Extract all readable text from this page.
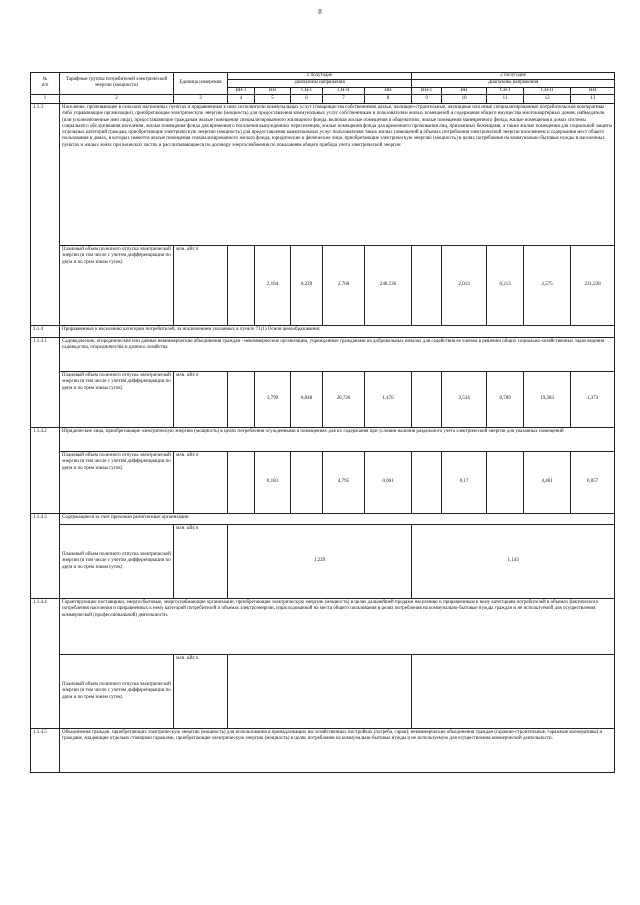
8
№
п/п	Тарифные группы потребителей электрической энергии (мощности)	Единица измерения	1 полугодие					2 полугодие				
			Диапазоны напряжения					Диапазоны напряжения				
			ВН-1	ВН	СН-I	СН-II	НН	ВН-1	ВН	СН-I	СН-II	НН
1	2	3	4	5	6	7	8	9	10	11	12	13
1.1.3	Население, проживающее в сельских населенных пунктах и приравненные к ним: исполнители коммунальных услуг (товарищества собственников жилья, жилищно-строительные, жилищные или иные специализированные потребительские кооперативы либо управляющие организации), приобретающие электрическую энергию (мощность) для предоставления коммунальных услуг собственникам и пользователям жилых помещений и содержания общего имущества многоквартирных домов; наймодатели (или уполномоченные ими лица), предоставляющие гражданам жилые помещения специализированного жилищного фонда, включая жилые помещения в общежитиях, жилые помещения маневренного фонда, жилые помещения в домах системы социального обслуживания населения, жилые помещения фонда для временного поселения вынужденных переселенцев, жилые помещения фонда для временного проживания лиц, признанных беженцами, а также жилые помещения для социальной защиты отдельных категорий граждан, приобретающие электрическую энергию (мощность) для предоставления коммунальных услуг пользователям таких жилых помещений в объемах потребления электрической энергии населением и содержания мест общего пользования в домах, в которых имеются жилые помещения специализированного жилого фонда; юридические и физические лица, приобретающие электрическую энергию (мощность) в целях потребления на коммунально-бытовые нужды в населенных пунктах и жилых зонах при воинских частях и рассчитывающиеся по договору энергоснабжения по показаниям общего прибора учета электрической энергии											
	Плановый объем полезного отпуска электрической энергии (в том числе с учетом дифференциации по двум и по трем зонам суток)	млн. кВт.ч		2,164	0,229	2,768	248,536		2,013	0,213	2,575	231,228
1.1.4	Приравненные к населению категории потребителей, за исключением указанных в пункте 71(1) Основ ценообразования:											
1.1.4.1	Садоводческие, огороднические или дачные некоммерческие объединения граждан - некоммерческие организации, учрежденные гражданами на добровольных началах для содействия ее членам в решении общих социально-хозяйственных задач ведения садоводства, огородничества и дачного хозяйства											
	Плановый объем полезного отпуска электрической энергии (в том числе с учетом дифференциации по двум и по трем зонам суток)	млн. кВт.ч		3,799	0,848	20,726	1,476		3,534	0,789	19,283	1,373
1.1.4.2	Юридические лица, приобретающие электрическую энергию (мощность) в целях потребления осужденными в помещениях для их содержания при условии наличия раздельного учета электрической энергии для указанных помещений											
	Плановый объем полезного отпуска электрической энергии (в том числе с учетом дифференциации по двум и по трем зонам суток)	млн. кВт.ч		0,183		4,795	0,061		0,17		4,461	0,057
1.1.4.3	Содержащиеся за счет прихожан религиозные организации											
	Плановый объем полезного отпуска электрической энергии (в том числе с учетом дифференциации по двум и по трем зонам суток)	млн. кВт.ч	1,229					1,143				
1.1.4.4	Гарантирующие поставщики, энергосбытовые, энергоснабжающие организации, приобретающие электрическую энергию (мощность) в целях дальнейшей продажи населению и приравненным к нему категориям потребителей в объемах фактического потребления населения и приравненных к нему категорий потребителей и объемах электроэнергии, израсходованной на места общего пользования в целях потребления на коммунально-бытовые нужды граждан и не используемой для осуществления коммерческой (профессиональной) деятельности.											
	Плановый объем полезного отпуска электрической энергии (в том числе с учетом дифференциации по двум и по трем зонам суток)	млн. кВт.ч										
1.1.4.5	Объединения граждан, приобретающих электрическую энергию (мощность) для использования в принадлежащих им хозяйственных постройках (погреба, сараи); некоммерческие объединения граждан (гаражно-строительные, гаражные кооперативы) и граждане, владеющие отдельно стоящими гаражами, приобретающие электрическую энергию (мощность) в целях потребления на коммунально-бытовые нужды и не используемую для осуществления коммерческой деятельности.											
